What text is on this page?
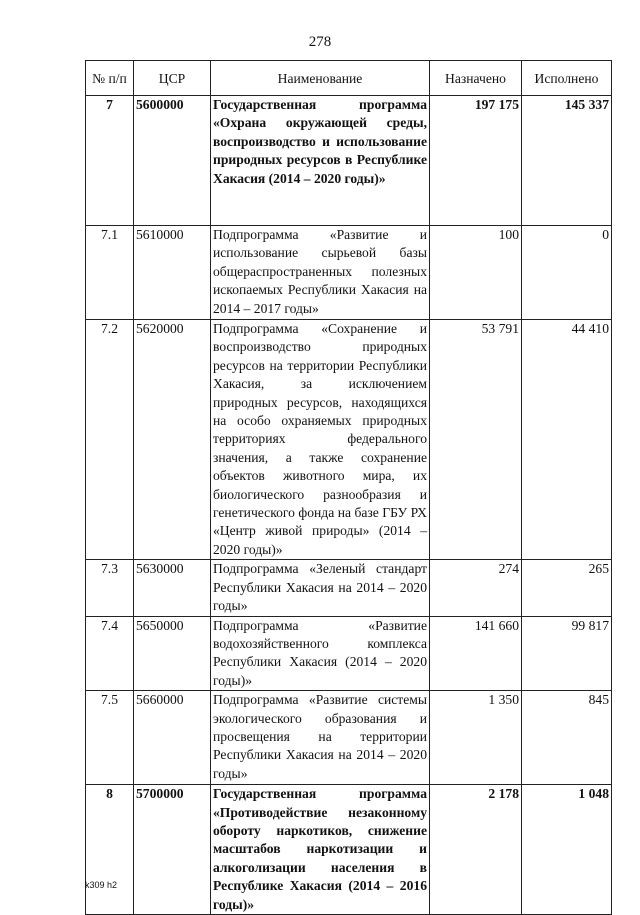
278
№ п/п	ЦСР	Наименование	Назначено	Исполнено
7	5600000	Государственная программа «Охрана окружающей среды, воспроизводство и использование природных ресурсов в Республике Хакасия (2014 – 2020 годы)»	197 175	145 337
7.1	5610000	Подпрограмма «Развитие и использование сырьевой базы общераспространенных полезных ископаемых Республики Хакасия на 2014 – 2017 годы»	100	0
7.2	5620000	Подпрограмма «Сохранение и воспроизводство природных ресурсов на территории Республики Хакасия, за исключением природных ресурсов, находящихся на особо охраняемых природных территориях федерального значения, а также сохранение объектов животного мира, их биологического разнообразия и генетического фонда на базе ГБУ РХ «Центр живой природы» (2014 – 2020 годы)»	53 791	44 410
7.3	5630000	Подпрограмма «Зеленый стандарт Республики Хакасия на 2014 – 2020 годы»	274	265
7.4	5650000	Подпрограмма «Развитие водохозяйственного комплекса Республики Хакасия (2014 – 2020 годы)»	141 660	99 817
7.5	5660000	Подпрограмма «Развитие системы экологического образования и просвещения на территории Республики Хакасия на 2014 – 2020 годы»	1 350	845
8	5700000	Государственная программа «Противодействие незаконному обороту наркотиков, снижение масштабов наркотизации и алкоголизации населения в Республике Хакасия (2014 – 2016 годы)»	2 178	1 048
k309 h2
